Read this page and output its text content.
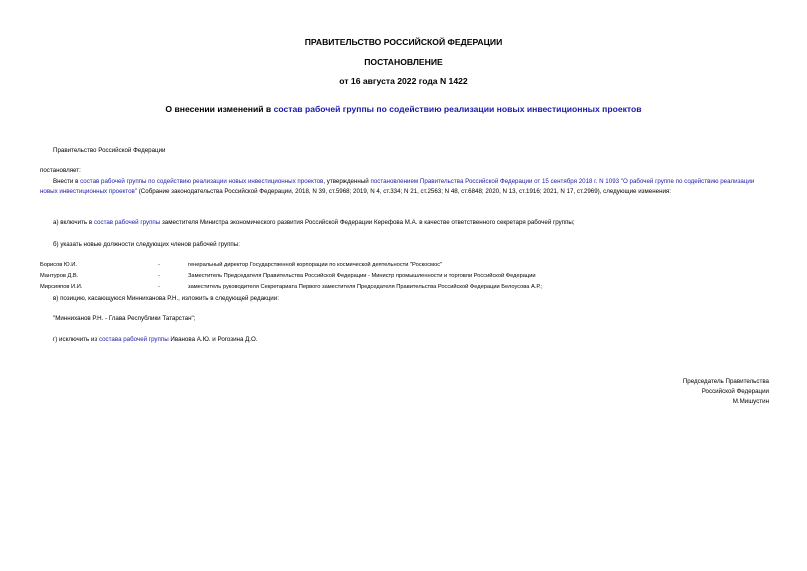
ПРАВИТЕЛЬСТВО РОССИЙСКОЙ ФЕДЕРАЦИИ
ПОСТАНОВЛЕНИЕ
от 16 августа 2022 года N 1422
О внесении изменений в состав рабочей группы по содействию реализации новых инвестиционных проектов
Правительство Российской Федерации
постановляет:
Внести в состав рабочей группы по содействию реализации новых инвестиционных проектов, утвержденный постановлением Правительства Российской Федерации от 15 сентября 2018 г. N 1093 "О рабочей группе по содействию реализации новых инвестиционных проектов" (Собрание законодательства Российской Федерации, 2018, N 39, ст.5968; 2019, N 4, ст.334; N 21, ст.2563; N 48, ст.6848; 2020, N 13, ст.1916; 2021, N 17, ст.2969), следующие изменения:
а) включить в состав рабочей группы заместителя Министра экономического развития Российской Федерации Керефова М.А. в качестве ответственного секретаря рабочей группы;
б) указать новые должности следующих членов рабочей группы:
Борисов Ю.И.	-	генеральный директор Государственной корпорации по космической деятельности "Роскосмос"
Мантуров Д.В.	-	Заместитель Председателя Правительства Российской Федерации - Министр промышленности и торговли Российской Федерации
Мирсияпов И.И.	-	заместитель руководителя Секретариата Первого заместителя Председателя Правительства Российской Федерации Белоусова А.Р.;
в) позицию, касающуюся Минниханова Р.Н., изложить в следующей редакции:
"Минниханов Р.Н. - Глава Республики Татарстан";
г) исключить из состава рабочей группы Иванова А.Ю. и Рогозина Д.О.
Председатель Правительства
Российской Федерации
М.Мишустин
